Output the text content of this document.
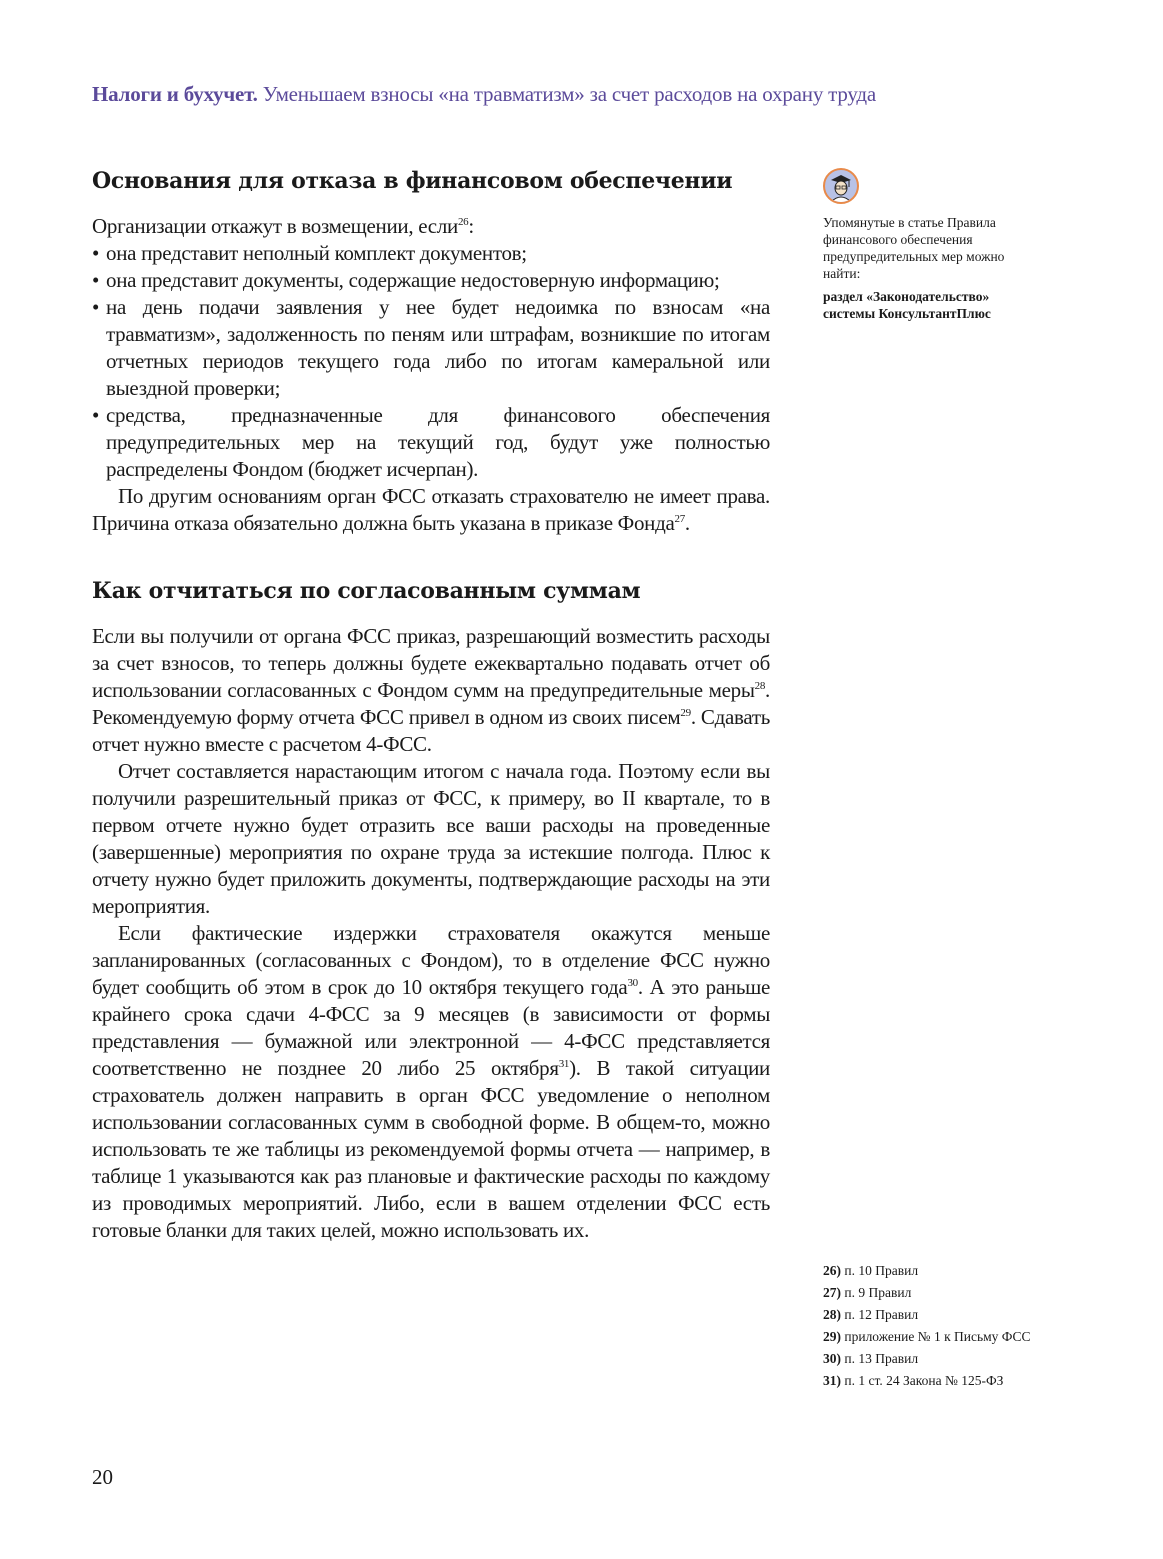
Налоги и бухучет. Уменьшаем взносы «на травматизм» за счет расходов на охрану труда
Основания для отказа в финансовом обеспечении

Организации откажут в возмещении, если$^{26}$:

• она представит неполный комплект документов;
• она представит документы, содержащие недостоверную информацию;
• на день подачи заявления у нее будет недоимка по взносам «на травматизм», задолженность по пеням или штрафам, возникшие по итогам отчетных периодов текущего года либо по итогам камеральной или выездной проверки;
• средства, предназначенные для финансового обеспечения предупредительных мер на текущий год, будут уже полностью распределены Фондом (бюджет исчерпан).

По другим основаниям орган ФСС отказать страхователю не имеет права. Причина отказа обязательно должна быть указана в приказе Фонда$^{27}$.

Как отчитаться по согласованным суммам

Если вы получили от органа ФСС приказ, разрешающий возместить расходы за счет взносов, то теперь должны будете ежеквартально подавать отчет об использовании согласованных с Фондом сумм на предупредительные меры$^{28}$. Рекомендуемую форму отчета ФСС привел в одном из своих писем$^{29}$. Сдавать отчет нужно вместе с расчетом 4-ФСС.

Отчет составляется нарастающим итогом с начала года. Поэтому если вы получили разрешительный приказ от ФСС, к примеру, во II квартале, то в первом отчете нужно будет отразить все ваши расходы на проведенные (завершенные) мероприятия по охране труда за истекшие полгода. Плюс к отчету нужно будет приложить документы, подтверждающие расходы на эти мероприятия.

Если фактические издержки страхователя окажутся меньше запланированных (согласованных с Фондом), то в отделение ФСС нужно будет сообщить об этом в срок до 10 октября текущего года$^{30}$. А это раньше крайнего срока сдачи 4-ФСС за 9 месяцев (в зависимости от формы представления — бумажной или электронной — 4-ФСС представляется соответственно не позднее 20 либо 25 октября$^{31}$). В такой ситуации страхователь должен направить в орган ФСС уведомление о неполном использовании согласованных сумм в свободной форме. В общем-то, можно использовать те же таблицы из рекомендуемой формы отчета — например, в таблице 1 указываются как раз плановые и фактические расходы по каждому из проводимых мероприятий. Либо, если в вашем отделении ФСС есть готовые бланки для таких целей, можно использовать их.

Упомянутые в статье Правила финансового обеспечения предупредительных мер можно найти:
раздел «Законодательство» системы КонсультантПлюс
26) п. 10 Правил
27) п. 9 Правил
28) п. 12 Правил
29) приложение № 1 к Письму ФСС
30) п. 13 Правил
31) п. 1 ст. 24 Закона № 125-ФЗ
20
